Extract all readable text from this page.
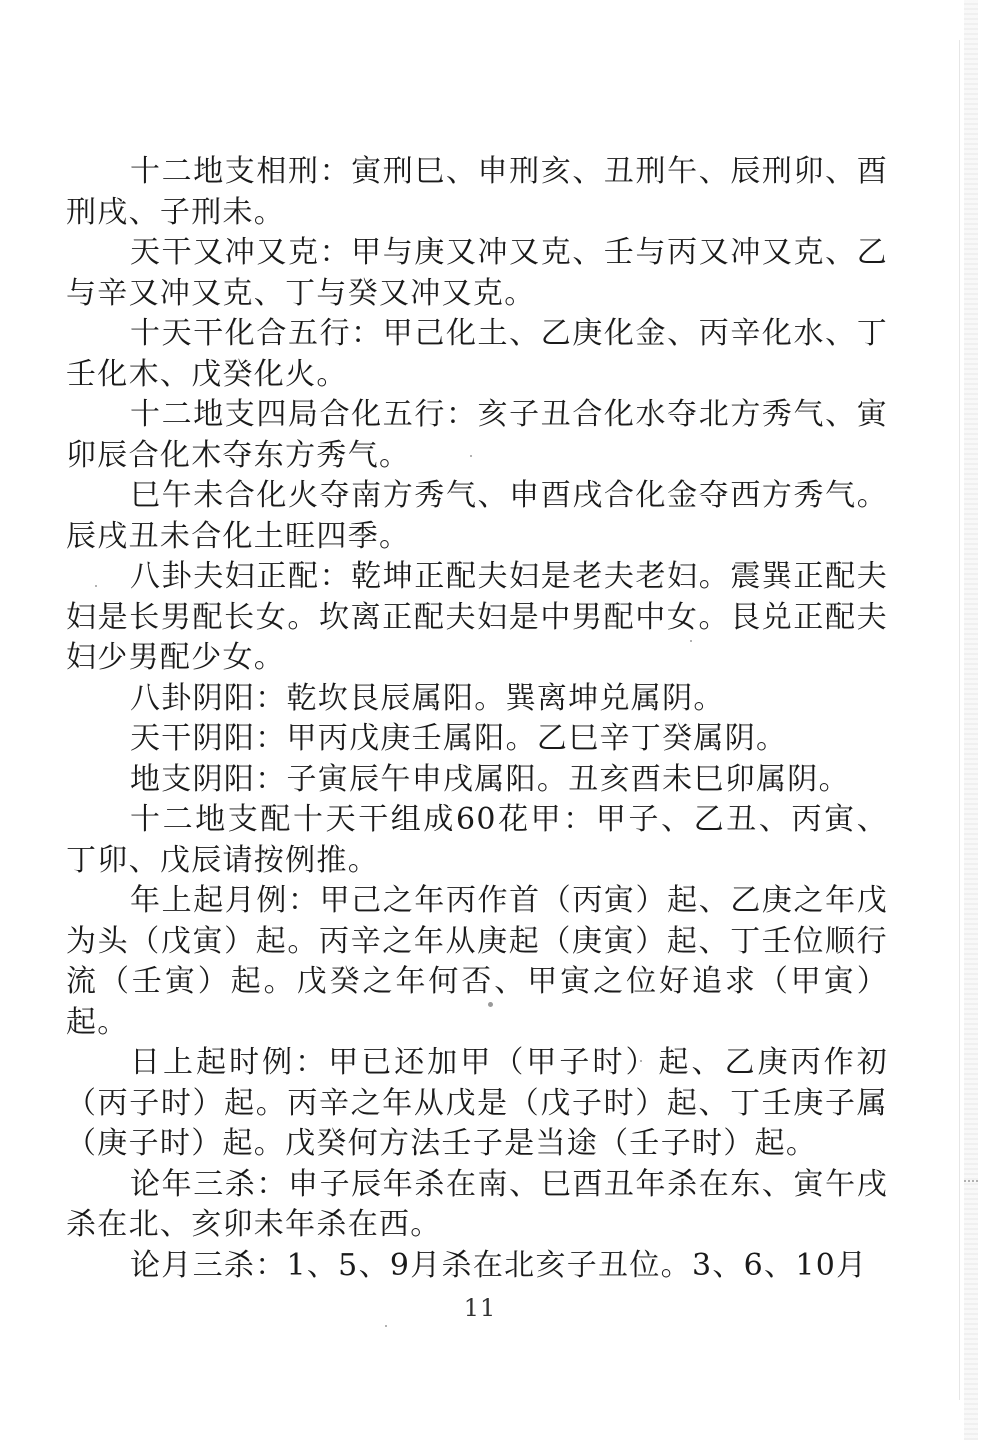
十二地支相刑：寅刑巳、申刑亥、丑刑午、辰刑卯、酉刑戌、子刑未。

天干又冲又克：甲与庚又冲又克、壬与丙又冲又克、乙与辛又冲又克、丁与癸又冲又克。

十天干化合五行：甲己化土、乙庚化金、丙辛化水、丁壬化木、戊癸化火。

十二地支四局合化五行：亥子丑合化水夺北方秀气、寅卯辰合化木夺东方秀气。

巳午未合化火夺南方秀气、申酉戌合化金夺西方秀气。辰戌丑未合化土旺四季。

八卦夫妇正配：乾坤正配夫妇是老夫老妇。震巽正配夫妇是长男配长女。坎离正配夫妇是中男配中女。艮兑正配夫妇少男配少女。

八卦阴阳：乾坎艮辰属阳。巽离坤兑属阴。

天干阴阳：甲丙戊庚壬属阳。乙巳辛丁癸属阴。

地支阴阳：子寅辰午申戌属阳。丑亥酉未巳卯属阴。

十二地支配十天干组成60花甲：甲子、乙丑、丙寅、丁卯、戊辰请按例推。

年上起月例：甲己之年丙作首（丙寅）起、乙庚之年戊为头（戊寅）起。丙辛之年从庚起（庚寅）起、丁壬位顺行流（壬寅）起。戊癸之年何否、甲寅之位好追求（甲寅）起。

日上起时例：甲已还加甲（甲子时）起、乙庚丙作初（丙子时）起。丙辛之年从戊是（戊子时）起、丁壬庚子属（庚子时）起。戊癸何方法壬子是当途（壬子时）起。

论年三杀：申子辰年杀在南、巳酉丑年杀在东、寅午戌杀在北、亥卯未年杀在西。

论月三杀：1、5、9月杀在北亥子丑位。3、6、10月

11
